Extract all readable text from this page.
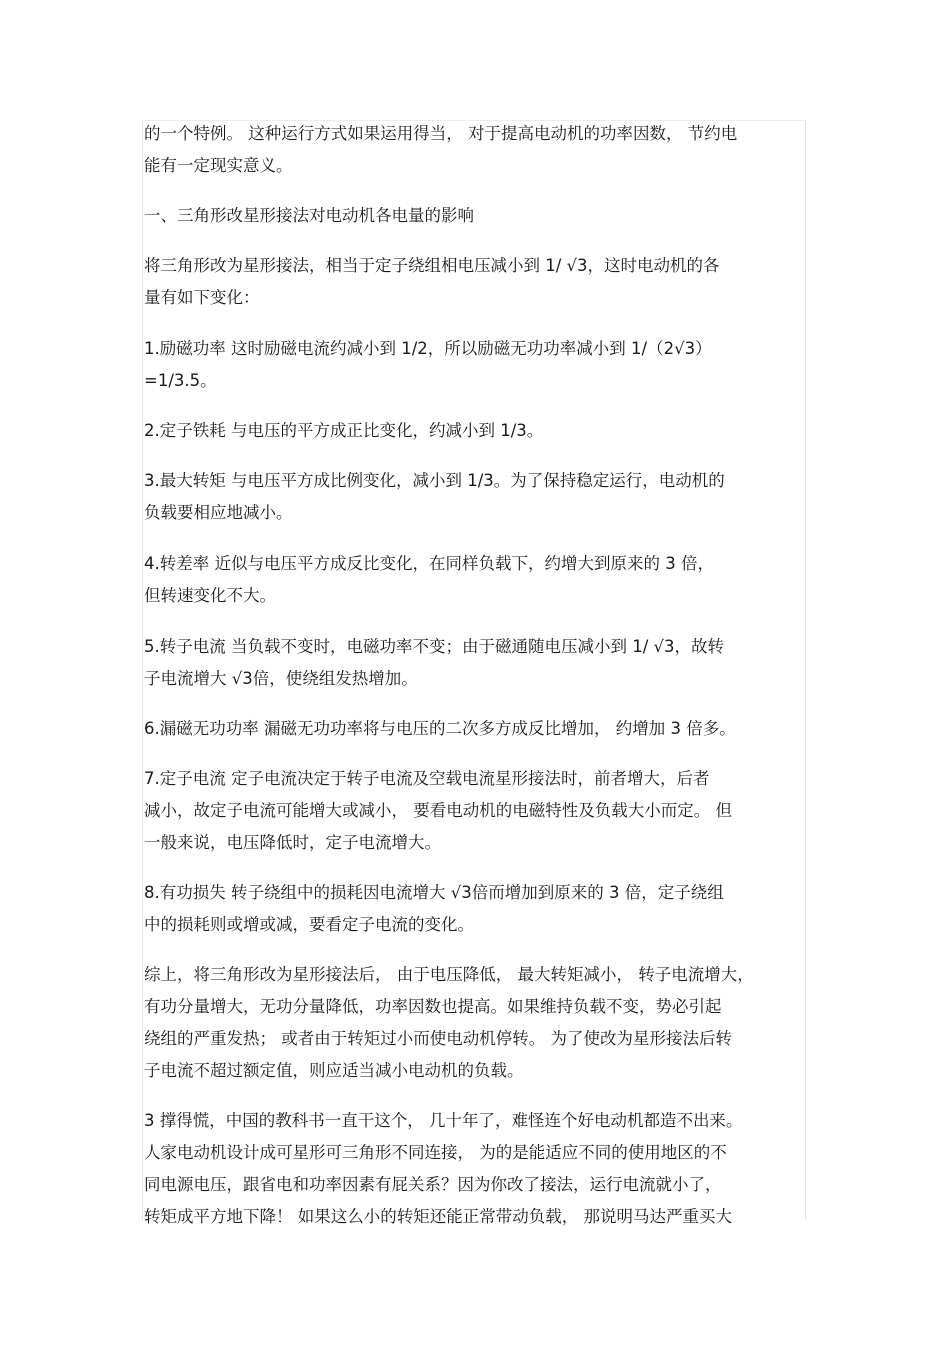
的一个特例。 这种运行方式如果运用得当， 对于提高电动机的功率因数， 节约电
能有一定现实意义。

一、三角形改星形接法对电动机各电量的影响

将三角形改为星形接法，相当于定子绕组相电压减小到 1/ √3，这时电动机的各
量有如下变化：

1.励磁功率 这时励磁电流约减小到 1/2，所以励磁无功功率减小到 1/（2√3）
=1/3.5。

2.定子铁耗 与电压的平方成正比变化，约减小到 1/3。

3.最大转矩 与电压平方成比例变化，减小到 1/3。为了保持稳定运行，电动机的
负载要相应地减小。

4.转差率 近似与电压平方成反比变化，在同样负载下，约增大到原来的 3 倍，
但转速变化不大。

5.转子电流 当负载不变时，电磁功率不变；由于磁通随电压减小到 1/ √3，故转
子电流增大 √3倍，使绕组发热增加。

6.漏磁无功功率 漏磁无功功率将与电压的二次多方成反比增加， 约增加 3 倍多。

7.定子电流 定子电流决定于转子电流及空载电流星形接法时，前者增大，后者
减小，故定子电流可能增大或减小， 要看电动机的电磁特性及负载大小而定。 但
一般来说，电压降低时，定子电流增大。

8.有功损失 转子绕组中的损耗因电流增大 √3倍而增加到原来的 3 倍，定子绕组
中的损耗则或增或减，要看定子电流的变化。

综上，将三角形改为星形接法后， 由于电压降低， 最大转矩减小， 转子电流增大，
有功分量增大，无功分量降低，功率因数也提高。如果维持负载不变，势必引起
绕组的严重发热； 或者由于转矩过小而使电动机停转。 为了使改为星形接法后转
子电流不超过额定值，则应适当减小电动机的负载。

3 撑得慌，中国的教科书一直干这个， 几十年了，难怪连个好电动机都造不出来。
人家电动机设计成可星形可三角形不同连接， 为的是能适应不同的使用地区的不
同电源电压，跟省电和功率因素有屁关系？因为你改了接法，运行电流就小了，
转矩成平方地下降！ 如果这么小的转矩还能正常带动负载， 那说明马达严重买大
